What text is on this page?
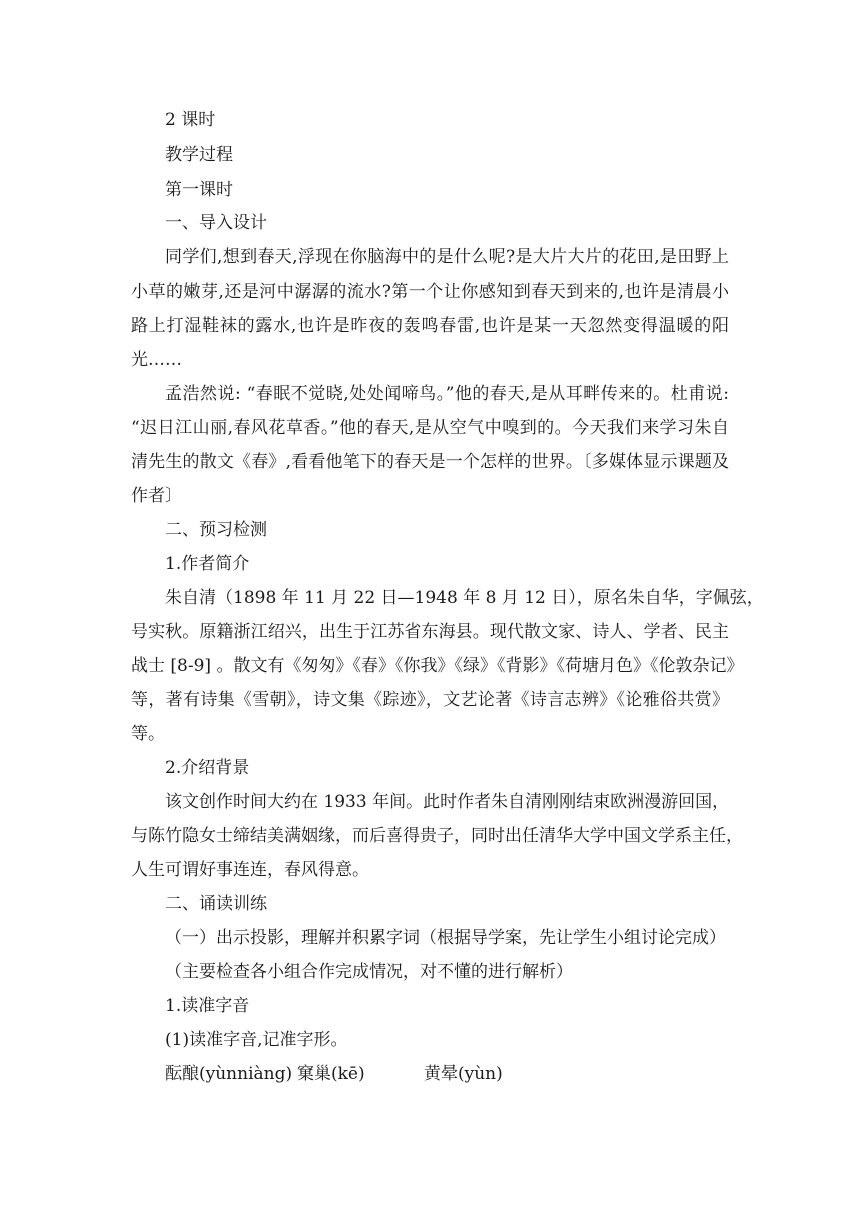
2 课时
教学过程
第一课时
一、导入设计
同学们,想到春天,浮现在你脑海中的是什么呢?是大片大片的花田,是田野上
小草的嫩芽,还是河中潺潺的流水?第一个让你感知到春天到来的,也许是清晨小
路上打湿鞋袜的露水,也许是昨夜的轰鸣春雷,也许是某一天忽然变得温暖的阳
光……
孟浩然说: “春眠不觉晓,处处闻啼鸟。”他的春天,是从耳畔传来的。杜甫说:
“迟日江山丽,春风花草香。”他的春天,是从空气中嗅到的。今天我们来学习朱自
清先生的散文《春》,看看他笔下的春天是一个怎样的世界。〔多媒体显示课题及
作者〕
二、预习检测
1.作者简介
朱自清（1898 年 11 月 22 日—1948 年 8 月 12 日），原名朱自华，字佩弦，
号实秋。原籍浙江绍兴，出生于江苏省东海县。现代散文家、诗人、学者、民主
战士 [8-9] 。散文有《匆匆》《春》《你我》《绿》《背影》《荷塘月色》《伦敦杂记》
等，著有诗集《雪朝》，诗文集《踪迹》，文艺论著《诗言志辨》《论雅俗共赏》
等。
2.介绍背景
该文创作时间大约在 1933 年间。此时作者朱自清刚刚结束欧洲漫游回国，
与陈竹隐女士缔结美满姻缘，而后喜得贵子，同时出任清华大学中国文学系主任，
人生可谓好事连连，春风得意。
二、诵读训练
（一）出示投影，理解并积累字词（根据导学案，先让学生小组讨论完成）
（主要检查各小组合作完成情况，对不懂的进行解析）
1.读准字音
(1)读准字音,记准字形。
酝酿(yùnniàng) 窠巢(kē)	黄晕(yùn)
